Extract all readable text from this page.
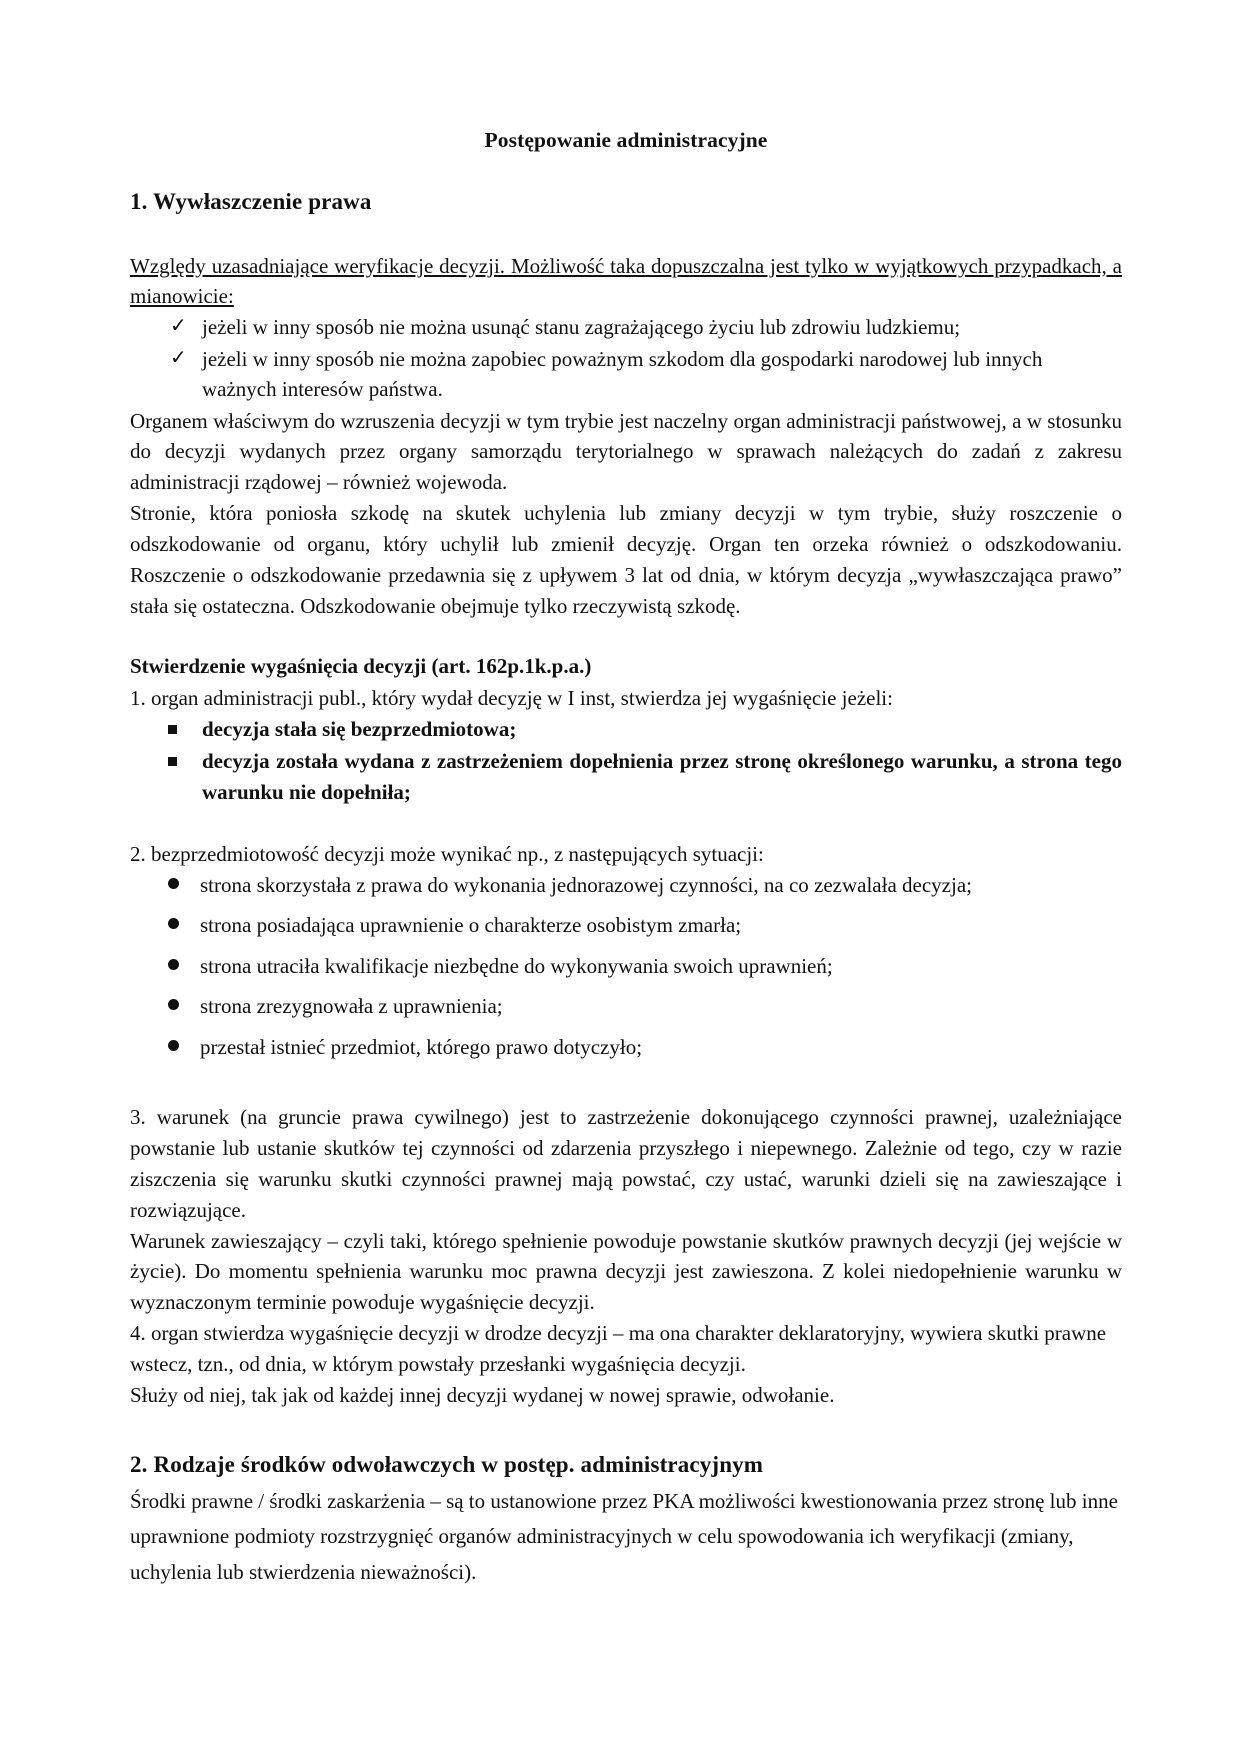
Postępowanie administracyjne
1. Wywłaszczenie prawa

Względy uzasadniające weryfikacje decyzji. Możliwość taka dopuszczalna jest tylko w wyjątkowych przypadkach, a mianowicie:

✓ jeżeli w inny sposób nie można usunąć stanu zagrażającego życiu lub zdrowiu ludzkiemu;
✓ jeżeli w inny sposób nie można zapobiec poważnym szkodom dla gospodarki narodowej lub innych ważnych interesów państwa.

Organem właściwym do wzruszenia decyzji w tym trybie jest naczelny organ administracji państwowej, a w stosunku do decyzji wydanych przez organy samorządu terytorialnego w sprawach należących do zadań z zakresu administracji rządowej – również wojewoda.

Stronie, która poniosła szkodę na skutek uchylenia lub zmiany decyzji w tym trybie, służy roszczenie o odszkodowanie od organu, który uchylił lub zmienił decyzję. Organ ten orzeka również o odszkodowaniu. Roszczenie o odszkodowanie przedawnia się z upływem 3 lat od dnia, w którym decyzja „wywłaszczająca prawo” stała się ostateczna. Odszkodowanie obejmuje tylko rzeczywistą szkodę.

Stwierdzenie wygaśnięcia decyzji (art. 162p.1k.p.a.)

1. organ administracji publ., który wydał decyzję w I inst, stwierdza jej wygaśnięcie jeżeli:

decyzja stała się bezprzedmiotowa;
decyzja została wydana z zastrzeżeniem dopełnienia przez stronę określonego warunku, a strona tego warunku nie dopełniła;

2. bezprzedmiotowość decyzji może wynikać np., z następujących sytuacji:

strona skorzystała z prawa do wykonania jednorazowej czynności, na co zezwalała decyzja;
strona posiadająca uprawnienie o charakterze osobistym zmarła;
strona utraciła kwalifikacje niezbędne do wykonywania swoich uprawnień;
strona zrezygnowała z uprawnienia;
przestał istnieć przedmiot, którego prawo dotyczyło;

3. warunek (na gruncie prawa cywilnego) jest to zastrzeżenie dokonującego czynności prawnej, uzależniające powstanie lub ustanie skutków tej czynności od zdarzenia przyszłego i niepewnego. Zależnie od tego, czy w razie ziszczenia się warunku skutki czynności prawnej mają powstać, czy ustać, warunki dzieli się na zawieszające i rozwiązujące.

Warunek zawieszający – czyli taki, którego spełnienie powoduje powstanie skutków prawnych decyzji (jej wejście w życie). Do momentu spełnienia warunku moc prawna decyzji jest zawieszona. Z kolei niedopełnienie warunku w wyznaczonym terminie powoduje wygaśnięcie decyzji.

4. organ stwierdza wygaśnięcie decyzji w drodze decyzji – ma ona charakter deklaratoryjny, wywiera skutki prawne wstecz, tzn., od dnia, w którym powstały przesłanki wygaśnięcia decyzji.

Służy od niej, tak jak od każdej innej decyzji wydanej w nowej sprawie, odwołanie.

2. Rodzaje środków odwoławczych w postęp. administracyjnym

Środki prawne / środki zaskarżenia – są to ustanowione przez PKA możliwości kwestionowania przez stronę lub inne uprawnione podmioty rozstrzygnięć organów administracyjnych w celu spowodowania ich weryfikacji (zmiany, uchylenia lub stwierdzenia nieważności).
